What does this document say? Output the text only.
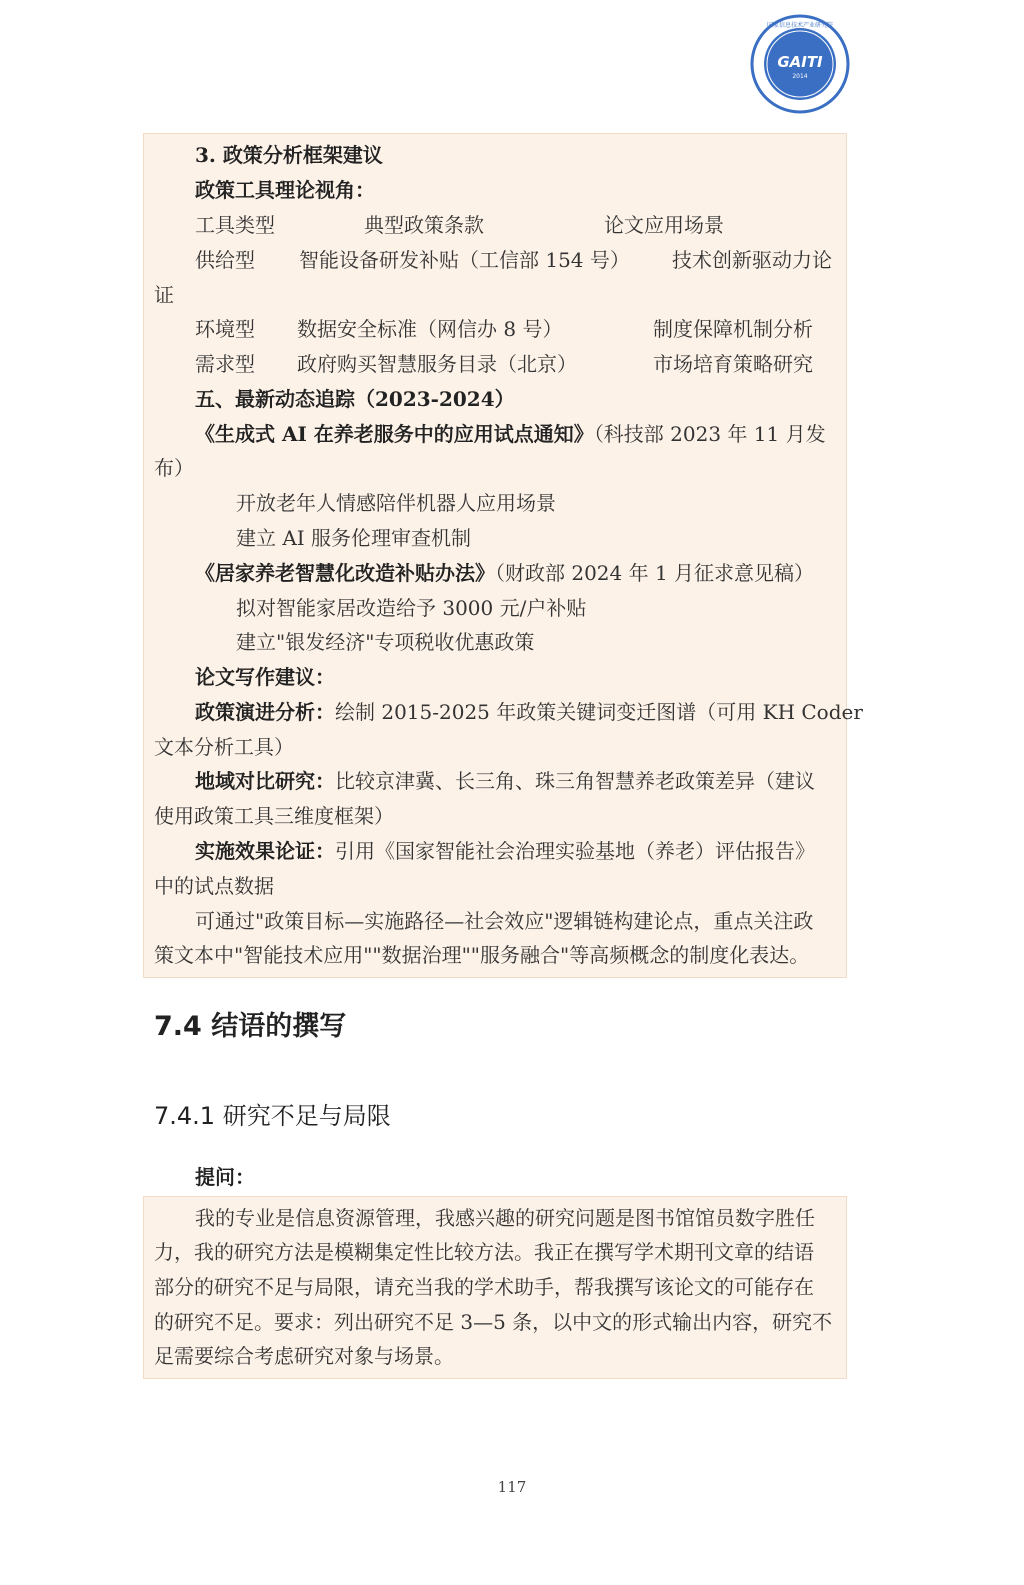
国家信息技术产业研究院
GAITI
2014
3. 政策分析框架建议
政策工具理论视角：
工具类型	典型政策条款	论文应用场景
供给型 智能设备研发补贴（工信部 154 号） 技术创新驱动力论
证
环境型 数据安全标准（网信办 8 号）	制度保障机制分析
需求型 政府购买智慧服务目录（北京）	市场培育策略研究
五、最新动态追踪（2023-2024）
《生成式 AI 在养老服务中的应用试点通知》（科技部 2023 年 11 月发
布）
开放老年人情感陪伴机器人应用场景
建立 AI 服务伦理审查机制
《居家养老智慧化改造补贴办法》（财政部 2024 年 1 月征求意见稿）
拟对智能家居改造给予 3000 元/户补贴
建立"银发经济"专项税收优惠政策
论文写作建议：
政策演进分析：绘制 2015-2025 年政策关键词变迁图谱（可用 KH Coder
文本分析工具）
地域对比研究：比较京津冀、长三角、珠三角智慧养老政策差异（建议
使用政策工具三维度框架）
实施效果论证：引用《国家智能社会治理实验基地（养老）评估报告》
中的试点数据
可通过"政策目标—实施路径—社会效应"逻辑链构建论点，重点关注政
策文本中"智能技术应用""数据治理""服务融合"等高频概念的制度化表达。
7.4 结语的撰写
7.4.1 研究不足与局限
提问：
我的专业是信息资源管理，我感兴趣的研究问题是图书馆馆员数字胜任
力，我的研究方法是模糊集定性比较方法。我正在撰写学术期刊文章的结语
部分的研究不足与局限，请充当我的学术助手，帮我撰写该论文的可能存在
的研究不足。要求：列出研究不足 3—5 条，以中文的形式输出内容，研究不
足需要综合考虑研究对象与场景。
117
